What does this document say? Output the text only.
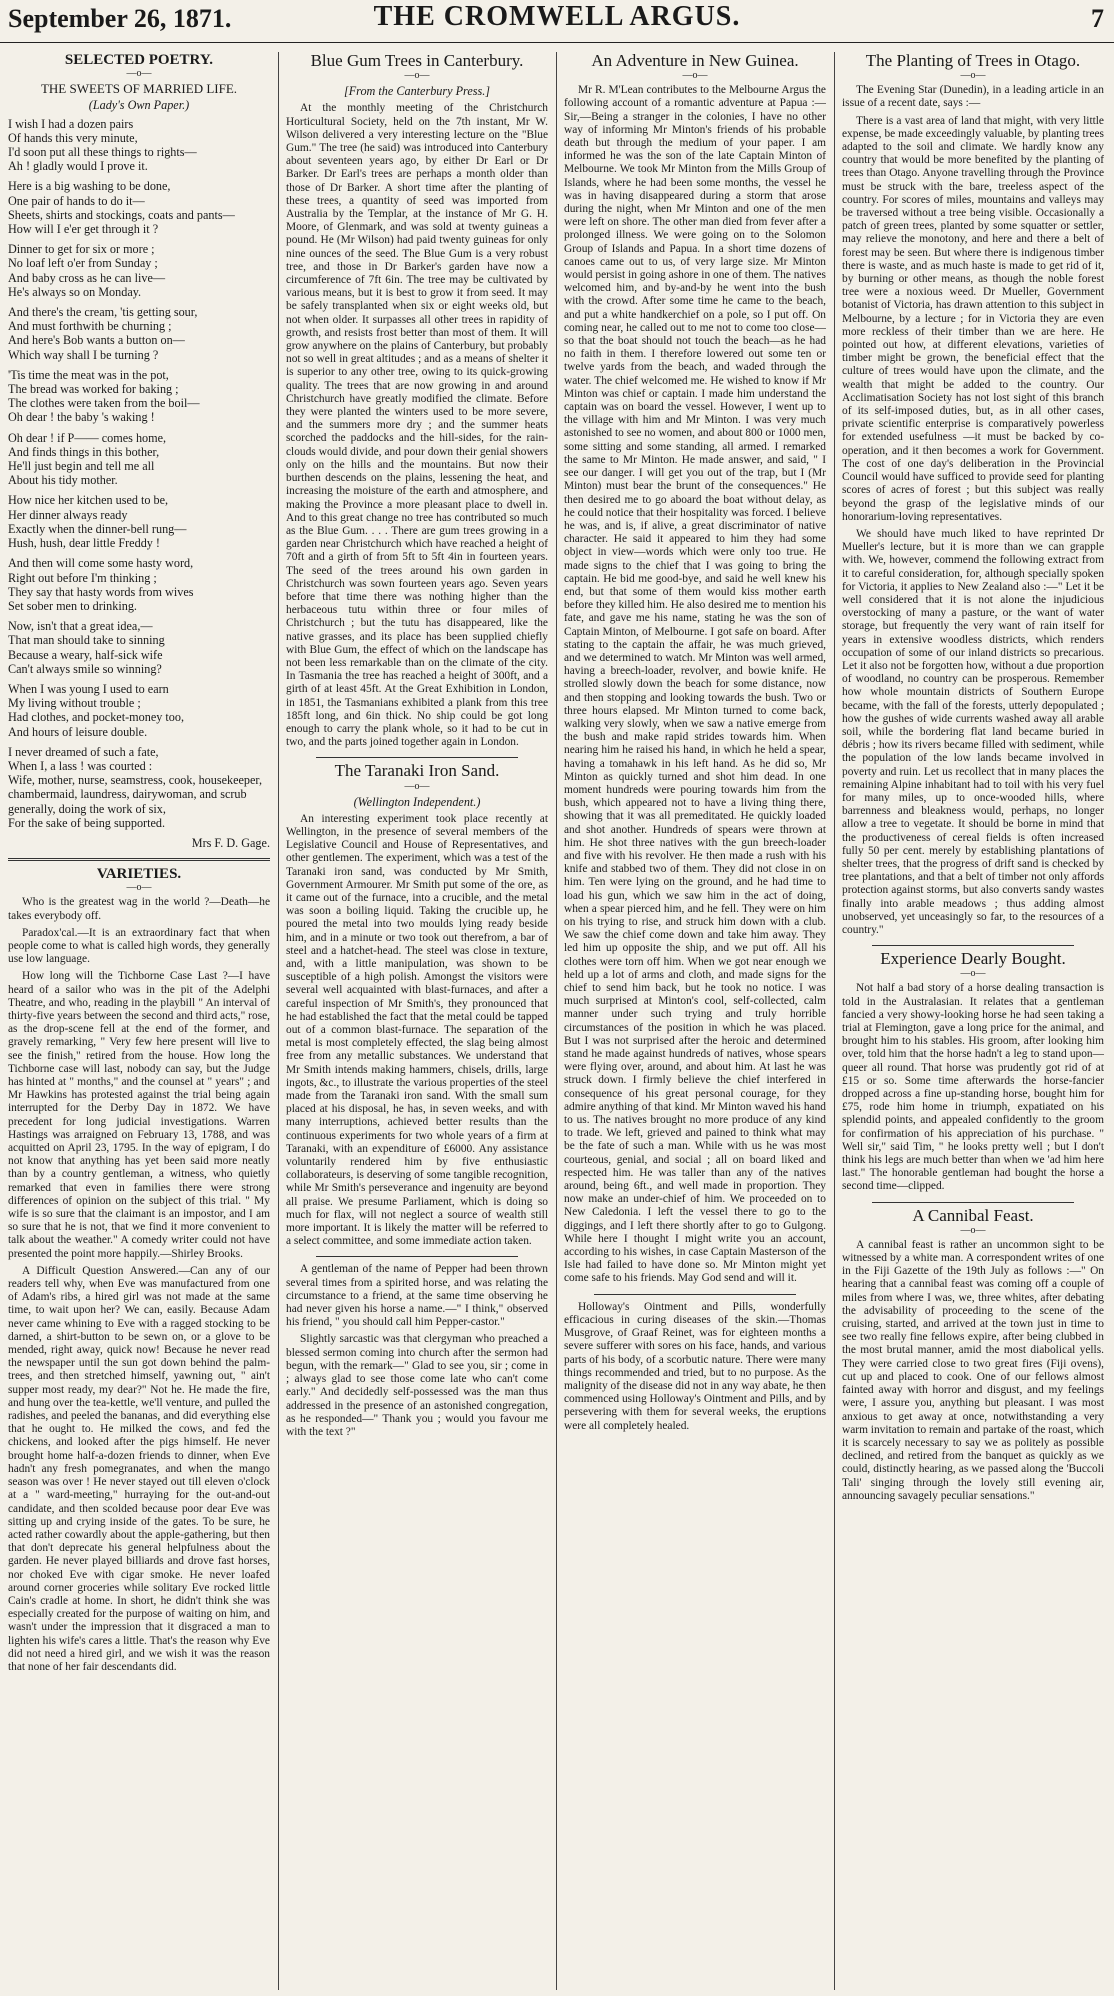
September 26, 1871.	THE CROMWELL ARGUS.	7
SELECTED POETRY.
—o—
THE SWEETS OF MARRIED LIFE.
(Lady's Own Paper.)

I wish I had a dozen pairs
Of hands this very minute,
I'd soon put all these things to rights—
Ah ! gladly would I prove it.

Here is a big washing to be done,
One pair of hands to do it—
Sheets, shirts and stockings, coats and pants—
How will I e'er get through it ?

Dinner to get for six or more ;
No loaf left o'er from Sunday ;
And baby cross as he can live—
He's always so on Monday.

And there's the cream, 'tis getting sour,
And must forthwith be churning ;
And here's Bob wants a button on—
Which way shall I be turning ?

'Tis time the meat was in the pot,
The bread was worked for baking ;
The clothes were taken from the boil—
Oh dear ! the baby 's waking !

Oh dear ! if P—— comes home,
And finds things in this bother,
He'll just begin and tell me all
About his tidy mother.

How nice her kitchen used to be,
Her dinner always ready
Exactly when the dinner-bell rung—
Hush, hush, dear little Freddy !

And then will come some hasty word,
Right out before I'm thinking ;
They say that hasty words from wives
Set sober men to drinking.

Now, isn't that a great idea,—
That man should take to sinning
Because a weary, half-sick wife
Can't always smile so winning?

When I was young I used to earn
My living without trouble ;
Had clothes, and pocket-money too,
And hours of leisure double.

I never dreamed of such a fate,
When I, a lass ! was courted :
Wife, mother, nurse, seamstress, cook, housekeeper, chambermaid, laundress, dairywoman, and scrub generally, doing the work of six,
For the sake of being supported.

Mrs F. D. Gage.
VARIETIES.
—o—

Who is the greatest wag in the world ?—Death—he takes everybody off.

Paradox'cal.—It is an extraordinary fact that when people come to what is called high words, they generally use low language.

How long will the Tichborne Case Last ?—I have heard of a sailor who was in the pit of the Adelphi Theatre, and who, reading in the playbill " An interval of thirty-five years between the second and third acts," rose, as the drop-scene fell at the end of the former, and gravely remarking, " Very few here present will live to see the finish," retired from the house. How long the Tichborne case will last, nobody can say, but the Judge has hinted at " months," and the counsel at " years" ; and Mr Hawkins has protested against the trial being again interrupted for the Derby Day in 1872. We have precedent for long judicial investigations. Warren Hastings was arraigned on February 13, 1788, and was acquitted on April 23, 1795. In the way of epigram, I do not know that anything has yet been said more neatly than by a country gentleman, a witness, who quietly remarked that even in families there were strong differences of opinion on the subject of this trial. " My wife is so sure that the claimant is an impostor, and I am so sure that he is not, that we find it more convenient to talk about the weather." A comedy writer could not have presented the point more happily.—Shirley Brooks.

A Difficult Question Answered.—Can any of our readers tell why, when Eve was manufactured from one of Adam's ribs, a hired girl was not made at the same time, to wait upon her? We can, easily. Because Adam never came whining to Eve with a ragged stocking to be darned, a shirt-button to be sewn on, or a glove to be mended, right away, quick now! Because he never read the newspaper until the sun got down behind the palm-trees, and then stretched himself, yawning out, " ain't supper most ready, my dear?" Not he. He made the fire, and hung over the tea-kettle, we'll venture, and pulled the radishes, and peeled the bananas, and did everything else that he ought to. He milked the cows, and fed the chickens, and looked after the pigs himself. He never brought home half-a-dozen friends to dinner, when Eve hadn't any fresh pomegranates, and when the mango season was over ! He never stayed out till eleven o'clock at a " ward-meeting," hurraying for the out-and-out candidate, and then scolded because poor dear Eve was sitting up and crying inside of the gates. To be sure, he acted rather cowardly about the apple-gathering, but then that don't deprecate his general helpfulness about the garden. He never played billiards and drove fast horses, nor choked Eve with cigar smoke. He never loafed around corner groceries while solitary Eve rocked little Cain's cradle at home. In short, he didn't think she was especially created for the purpose of waiting on him, and wasn't under the impression that it disgraced a man to lighten his wife's cares a little. That's the reason why Eve did not need a hired girl, and we wish it was the reason that none of her fair descendants did.

Blue Gum Trees in Canterbury.
—o—
[From the Canterbury Press.]

At the monthly meeting of the Christchurch Horticultural Society, held on the 7th instant, Mr W. Wilson delivered a very interesting lecture on the "Blue Gum." The tree (he said) was introduced into Canterbury about seventeen years ago, by either Dr Earl or Dr Barker. Dr Earl's trees are perhaps a month older than those of Dr Barker. A short time after the planting of these trees, a quantity of seed was imported from Australia by the Templar, at the instance of Mr G. H. Moore, of Glenmark, and was sold at twenty guineas a pound. He (Mr Wilson) had paid twenty guineas for only nine ounces of the seed. The Blue Gum is a very robust tree, and those in Dr Barker's garden have now a circumference of 7ft 6in. The tree may be cultivated by various means, but it is best to grow it from seed. It may be safely transplanted when six or eight weeks old, but not when older. It surpasses all other trees in rapidity of growth, and resists frost better than most of them. It will grow anywhere on the plains of Canterbury, but probably not so well in great altitudes ; and as a means of shelter it is superior to any other tree, owing to its quick-growing quality. The trees that are now growing in and around Christchurch have greatly modified the climate. Before they were planted the winters used to be more severe, and the summers more dry ; and the summer heats scorched the paddocks and the hill-sides, for the rain-clouds would divide, and pour down their genial showers only on the hills and the mountains. But now their burthen descends on the plains, lessening the heat, and increasing the moisture of the earth and atmosphere, and making the Province a more pleasant place to dwell in. And to this great change no tree has contributed so much as the Blue Gum. . . . There are gum trees growing in a garden near Christchurch which have reached a height of 70ft and a girth of from 5ft to 5ft 4in in fourteen years. The seed of the trees around his own garden in Christchurch was sown fourteen years ago. Seven years before that time there was nothing higher than the herbaceous tutu within three or four miles of Christchurch ; but the tutu has disappeared, like the native grasses, and its place has been supplied chiefly with Blue Gum, the effect of which on the landscape has not been less remarkable than on the climate of the city. In Tasmania the tree has reached a height of 300ft, and a girth of at least 45ft. At the Great Exhibition in London, in 1851, the Tasmanians exhibited a plank from this tree 185ft long, and 6in thick. No ship could be got long enough to carry the plank whole, so it had to be cut in two, and the parts joined together again in London.

The Taranaki Iron Sand.
—o—
(Wellington Independent.)

An interesting experiment took place recently at Wellington, in the presence of several members of the Legislative Council and House of Representatives, and other gentlemen. The experiment, which was a test of the Taranaki iron sand, was conducted by Mr Smith, Government Armourer. Mr Smith put some of the ore, as it came out of the furnace, into a crucible, and the metal was soon a boiling liquid. Taking the crucible up, he poured the metal into two moulds lying ready beside him, and in a minute or two took out therefrom, a bar of steel and a hatchet-head. The steel was close in texture, and, with a little manipulation, was shown to be susceptible of a high polish. Amongst the visitors were several well acquainted with blast-furnaces, and after a careful inspection of Mr Smith's, they pronounced that he had established the fact that the metal could be tapped out of a common blast-furnace. The separation of the metal is most completely effected, the slag being almost free from any metallic substances. We understand that Mr Smith intends making hammers, chisels, drills, large ingots, &c., to illustrate the various properties of the steel made from the Taranaki iron sand. With the small sum placed at his disposal, he has, in seven weeks, and with many interruptions, achieved better results than the continuous experiments for two whole years of a firm at Taranaki, with an expenditure of £6000. Any assistance voluntarily rendered him by five enthusiastic collaborateurs, is deserving of some tangible recognition, while Mr Smith's perseverance and ingenuity are beyond all praise. We presume Parliament, which is doing so much for flax, will not neglect a source of wealth still more important. It is likely the matter will be referred to a select committee, and some immediate action taken.

A gentleman of the name of Pepper had been thrown several times from a spirited horse, and was relating the circumstance to a friend, at the same time observing he had never given his horse a name.—" I think," observed his friend, " you should call him Pepper-castor."

Slightly sarcastic was that clergyman who preached a blessed sermon coming into church after the sermon had begun, with the remark—" Glad to see you, sir ; come in ; always glad to see those come late who can't come early." And decidedly self-possessed was the man thus addressed in the presence of an astonished congregation, as he responded—" Thank you ; would you favour me with the text ?"

An Adventure in New Guinea.
—o—

Mr R. M'Lean contributes to the Melbourne Argus the following account of a romantic adventure at Papua :—Sir,—Being a stranger in the colonies, I have no other way of informing Mr Minton's friends of his probable death but through the medium of your paper. I am informed he was the son of the late Captain Minton of Melbourne. We took Mr Minton from the Mills Group of Islands, where he had been some months, the vessel he was in having disappeared during a storm that arose during the night, when Mr Minton and one of the men were left on shore. The other man died from fever after a prolonged illness. We were going on to the Solomon Group of Islands and Papua. In a short time dozens of canoes came out to us, of very large size. Mr Minton would persist in going ashore in one of them. The natives welcomed him, and by-and-by he went into the bush with the crowd. After some time he came to the beach, and put a white handkerchief on a pole, so I put off. On coming near, he called out to me not to come too close—so that the boat should not touch the beach—as he had no faith in them. I therefore lowered out some ten or twelve yards from the beach, and waded through the water. The chief welcomed me. He wished to know if Mr Minton was chief or captain. I made him understand the captain was on board the vessel. However, I went up to the village with him and Mr Minton. I was very much astonished to see no women, and about 800 or 1000 men, some sitting and some standing, all armed. I remarked the same to Mr Minton. He made answer, and said, " I see our danger. I will get you out of the trap, but I (Mr Minton) must bear the brunt of the consequences." He then desired me to go aboard the boat without delay, as he could notice that their hospitality was forced. I believe he was, and is, if alive, a great discriminator of native character. He said it appeared to him they had some object in view—words which were only too true. He made signs to the chief that I was going to bring the captain. He bid me good-bye, and said he well knew his end, but that some of them would kiss mother earth before they killed him. He also desired me to mention his fate, and gave me his name, stating he was the son of Captain Minton, of Melbourne. I got safe on board. After stating to the captain the affair, he was much grieved, and we determined to watch. Mr Minton was well armed, having a breech-loader, revolver, and bowie knife. He strolled slowly down the beach for some distance, now and then stopping and looking towards the bush. Two or three hours elapsed. Mr Minton turned to come back, walking very slowly, when we saw a native emerge from the bush and make rapid strides towards him. When nearing him he raised his hand, in which he held a spear, having a tomahawk in his left hand. As he did so, Mr Minton as quickly turned and shot him dead. In one moment hundreds were pouring towards him from the bush, which appeared not to have a living thing there, showing that it was all premeditated. He quickly loaded and shot another. Hundreds of spears were thrown at him. He shot three natives with the gun breech-loader and five with his revolver. He then made a rush with his knife and stabbed two of them. They did not close in on him. Ten were lying on the ground, and he had time to load his gun, which we saw him in the act of doing, when a spear pierced him, and he fell. They were on him on his trying to rise, and struck him down with a club. We saw the chief come down and take him away. They led him up opposite the ship, and we put off. All his clothes were torn off him. When we got near enough we held up a lot of arms and cloth, and made signs for the chief to send him back, but he took no notice. I was much surprised at Minton's cool, self-collected, calm manner under such trying and truly horrible circumstances of the position in which he was placed. But I was not surprised after the heroic and determined stand he made against hundreds of natives, whose spears were flying over, around, and about him. At last he was struck down. I firmly believe the chief interfered in consequence of his great personal courage, for they admire anything of that kind. Mr Minton waved his hand to us. The natives brought no more produce of any kind to trade. We left, grieved and pained to think what may be the fate of such a man. While with us he was most courteous, genial, and social ; all on board liked and respected him. He was taller than any of the natives around, being 6ft., and well made in proportion. They now make an under-chief of him. We proceeded on to New Caledonia. I left the vessel there to go to the diggings, and I left there shortly after to go to Gulgong. While here I thought I might write you an account, according to his wishes, in case Captain Masterson of the Isle had failed to have done so. Mr Minton might yet come safe to his friends. May God send and will it.

Holloway's Ointment and Pills, wonderfully efficacious in curing diseases of the skin.—Thomas Musgrove, of Graaf Reinet, was for eighteen months a severe sufferer with sores on his face, hands, and various parts of his body, of a scorbutic nature. There were many things recommended and tried, but to no purpose. As the malignity of the disease did not in any way abate, he then commenced using Holloway's Ointment and Pills, and by persevering with them for several weeks, the eruptions were all completely healed.

The Planting of Trees in Otago.
—o—

The Evening Star (Dunedin), in a leading article in an issue of a recent date, says :—

There is a vast area of land that might, with very little expense, be made exceedingly valuable, by planting trees adapted to the soil and climate. We hardly know any country that would be more benefited by the planting of trees than Otago. Anyone travelling through the Province must be struck with the bare, treeless aspect of the country. For scores of miles, mountains and valleys may be traversed without a tree being visible. Occasionally a patch of green trees, planted by some squatter or settler, may relieve the monotony, and here and there a belt of forest may be seen. But where there is indigenous timber there is waste, and as much haste is made to get rid of it, by burning or other means, as though the noble forest tree were a noxious weed. Dr Mueller, Government botanist of Victoria, has drawn attention to this subject in Melbourne, by a lecture ; for in Victoria they are even more reckless of their timber than we are here. He pointed out how, at different elevations, varieties of timber might be grown, the beneficial effect that the culture of trees would have upon the climate, and the wealth that might be added to the country. Our Acclimatisation Society has not lost sight of this branch of its self-imposed duties, but, as in all other cases, private scientific enterprise is comparatively powerless for extended usefulness —it must be backed by co-operation, and it then becomes a work for Government. The cost of one day's deliberation in the Provincial Council would have sufficed to provide seed for planting scores of acres of forest ; but this subject was really beyond the grasp of the legislative minds of our honorarium-loving representatives.

We should have much liked to have reprinted Dr Mueller's lecture, but it is more than we can grapple with. We, however, commend the following extract from it to careful consideration, for, although specially spoken for Victoria, it applies to New Zealand also :—" Let it be well considered that it is not alone the injudicious overstocking of many a pasture, or the want of water storage, but frequently the very want of rain itself for years in extensive woodless districts, which renders occupation of some of our inland districts so precarious. Let it also not be forgotten how, without a due proportion of woodland, no country can be prosperous. Remember how whole mountain districts of Southern Europe became, with the fall of the forests, utterly depopulated ; how the gushes of wide currents washed away all arable soil, while the bordering flat land became buried in débris ; how its rivers became filled with sediment, while the population of the low lands became involved in poverty and ruin. Let us recollect that in many places the remaining Alpine inhabitant had to toil with his very fuel for many miles, up to once-wooded hills, where barrenness and bleakness would, perhaps, no longer allow a tree to vegetate. It should be borne in mind that the productiveness of cereal fields is often increased fully 50 per cent. merely by establishing plantations of shelter trees, that the progress of drift sand is checked by tree plantations, and that a belt of timber not only affords protection against storms, but also converts sandy wastes finally into arable meadows ; thus adding almost unobserved, yet unceasingly so far, to the resources of a country."

Experience Dearly Bought.
—o—

Not half a bad story of a horse dealing transaction is told in the Australasian. It relates that a gentleman fancied a very showy-looking horse he had seen taking a trial at Flemington, gave a long price for the animal, and brought him to his stables. His groom, after looking him over, told him that the horse hadn't a leg to stand upon—queer all round. That horse was prudently got rid of at £15 or so. Some time afterwards the horse-fancier dropped across a fine up-standing horse, bought him for £75, rode him home in triumph, expatiated on his splendid points, and appealed confidently to the groom for confirmation of his appreciation of his purchase. " Well sir," said Tim, " he looks pretty well ; but I don't think his legs are much better than when we 'ad him here last." The honorable gentleman had bought the horse a second time—clipped.

A Cannibal Feast.
—o—

A cannibal feast is rather an uncommon sight to be witnessed by a white man. A correspondent writes of one in the Fiji Gazette of the 19th July as follows :—" On hearing that a cannibal feast was coming off a couple of miles from where I was, we, three whites, after debating the advisability of proceeding to the scene of the cruising, started, and arrived at the town just in time to see two really fine fellows expire, after being clubbed in the most brutal manner, amid the most diabolical yells. They were carried close to two great fires (Fiji ovens), cut up and placed to cook. One of our fellows almost fainted away with horror and disgust, and my feelings were, I assure you, anything but pleasant. I was most anxious to get away at once, notwithstanding a very warm invitation to remain and partake of the roast, which it is scarcely necessary to say we as politely as possible declined, and retired from the banquet as quickly as we could, distinctly hearing, as we passed along the 'Buccoli Tali' singing through the lovely still evening air, announcing savagely peculiar sensations."
